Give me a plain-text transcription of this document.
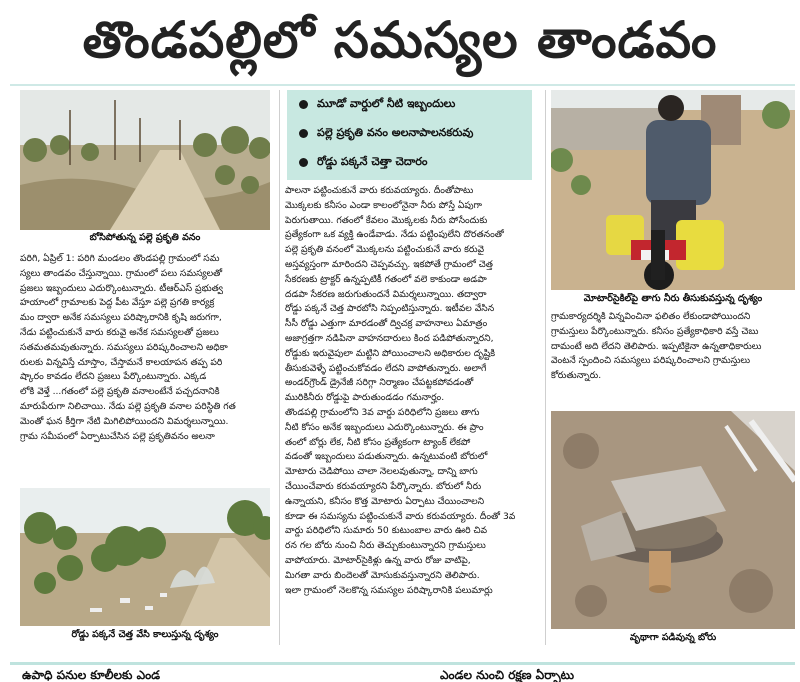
తొండపల్లిలో సమస్యల తాండవం
బోసిపోతున్న పల్లె ప్రకృతి వనం
పరిగి, ఏప్రిల్ 1: పరిగి మండలం తొండపల్లి గ్రామంలో సమ
స్యలు తాండవం చేస్తున్నాయి. గ్రామంలో పలు సమస్యలతో
ప్రజలు ఇబ్బందులు ఎదుర్కొంటున్నారు. టీఆర్‌ఎస్ ప్రభుత్వ
హయాంలో గ్రామాలకు పెద్ద పీట వేస్తూ పల్లె ప్రగతి కార్యక్ర
మం ద్వారా అనేక సమస్యలు పరిష్కారానికి కృషి జరుగగా,
నేడు పట్టించుకునే వారు కరువై అనేక సమస్యలతో ప్రజలు
సతమతమవుతున్నారు. సమస్యలు పరిష్కరించాలని అధికా
రులకు విన్నవిస్తే చూస్తాం, చేస్తామనే కాలయాపన తప్ప పరి
ష్కారం కావడం లేదని ప్రజలు పేర్కొంటున్నారు. ఎక్కడ
లోకి వెళ్తే ...గతంలో పల్లె ప్రకృతి వనాలంటేనే పచ్చదనానికి
మారుపేరుగా నిలిచాయి. నేడు పల్లె ప్రకృతి వనాల పరిస్థితి గత
మెంతో ఘన కీర్తిగా నేటి మిగిలిపోయిందని విమర్శలున్నాయి.
గ్రామ సమీపంలో ఏర్పాటుచేసిన పల్లె ప్రకృతివనం అలనా
రోడ్డు పక్కనే చెత్త వేసి కాలుస్తున్న దృశ్యం
మూడో వార్డులో నీటి ఇబ్బందులు
పల్లె ప్రకృతి వనం అలనాపాలనకరువు
రోడ్డు పక్కనే చెత్తా చెదారం
పాలనా పట్టించుకునే వారు కరువయ్యారు. దీంతోపాటు
మొక్కలకు కనీసం ఎండా కాలంలోనైనా నీరు పోస్తే ఏపుగా
పెరుగుతాయి. గతంలో కేవలం మొక్కలకు నీరు పోసేందుకు
ప్రత్యేకంగా ఒక వ్యక్తి ఉండేవాడు. నేడు పట్టింపులేని దొరతనంతో
పల్లె ప్రకృతి వనంలో మొక్కలను పట్టించుకునే వారు కరువై
అస్తవ్యస్తంగా మారిందని చెప్పవచ్చు. ఇకపోతే గ్రామంలో చెత్త
సేకరణకు ట్రాక్టర్ ఉన్నప్పటికీ గతంలో వలె కాకుండా అడపా
దడపా సేకరణ జరుగుతుందనే విమర్శలున్నాయి. తద్వారా
రోడ్డు పక్కనే చెత్త పారబోసి నిప్పంటిస్తున్నారు. ఇటీవల వేసిన
సీసీ రోడ్డు ఎత్తుగా మారడంతో ద్విచక్ర వాహనాలు ఏమాత్రం
అజాగ్రత్తగా నడిపినా వాహనదారులు కింద పడిపోతున్నారని,
రోడ్డుకు ఇరువైపులా మట్టిని పోయించాలని అధికారుల దృష్టికి
తీసుకువెళ్ళే పట్టించుకోవడం లేదని వాపోతున్నారు. అలాగే
అండర్‌గ్రౌండ్ డ్రైనేజీ సరిగ్గా నిర్మాణం చేపట్టకపోవడంతో
మురికినీరు రోడ్డుపై పారుతుండడం గమనార్హం.
తొండపల్లి గ్రామంలోని 3వ వార్డు పరిధిలోని ప్రజలు తాగు
నీటి కోసం అనేక ఇబ్బందులు ఎదుర్కొంటున్నారు. ఈ ప్రాం
తంలో బోర్లు లేక, నీటి కోసం ప్రత్యేకంగా ట్యాంక్ లేకపో
వడంతో ఇబ్బందులు పడుతున్నారు. ఉన్నటువంటి బోరులో
మోటారు చెడిపోయి చాలా నెలలవుతున్నా, దాన్ని బాగు
చేయించేవారు కరువయ్యారని పేర్కొన్నారు. బోరులో నీరు
ఉన్నాయని, కనీసం కొత్త మోటారు ఏర్పాటు చేయించాలని
కూడా ఈ సమస్యను పట్టించుకునే వారు కరువయ్యారు. దీంతో 3వ
వార్డు పరిధిలోని సుమారు 50 కుటుంబాల వారు ఊరి చివ
రన గల బోరు నుంచి నీరు తెచ్చుకుంటున్నారని గ్రామస్తులు
వాపోయారు. మోటార్‌సైకిళ్లు ఉన్న వారు రోజు వాటిపై,
మిగతా వారు బిందెలతో మోసుకువస్తున్నారని తెలిపారు.
ఇలా గ్రామంలో నెలకొన్న సమస్యల పరిష్కారానికి పలుమార్లు
మోటార్‌సైకిల్‌పై తాగు నీరు తీసుకువస్తున్న దృశ్యం
గ్రామకార్యదర్శికి విన్నవించినా ఫలితం లేకుండాపోయిందని
గ్రామస్తులు పేర్కొంటున్నారు. కనీసం ప్రత్యేకాధికారి వస్తే చెబు
దామంటే అది లేదని తెలిపారు. ఇప్పటికైనా ఉన్నతాధికారులు
వెంటనే స్పందించి సమస్యలు పరిష్కరించాలని గ్రామస్తులు
కోరుతున్నారు.
వృథాగా పడివున్న బోరు
ఉపాధి పనుల కూలీలకు ఎండ	ఎండల నుంచి రక్షణ ఏర్పాటు
